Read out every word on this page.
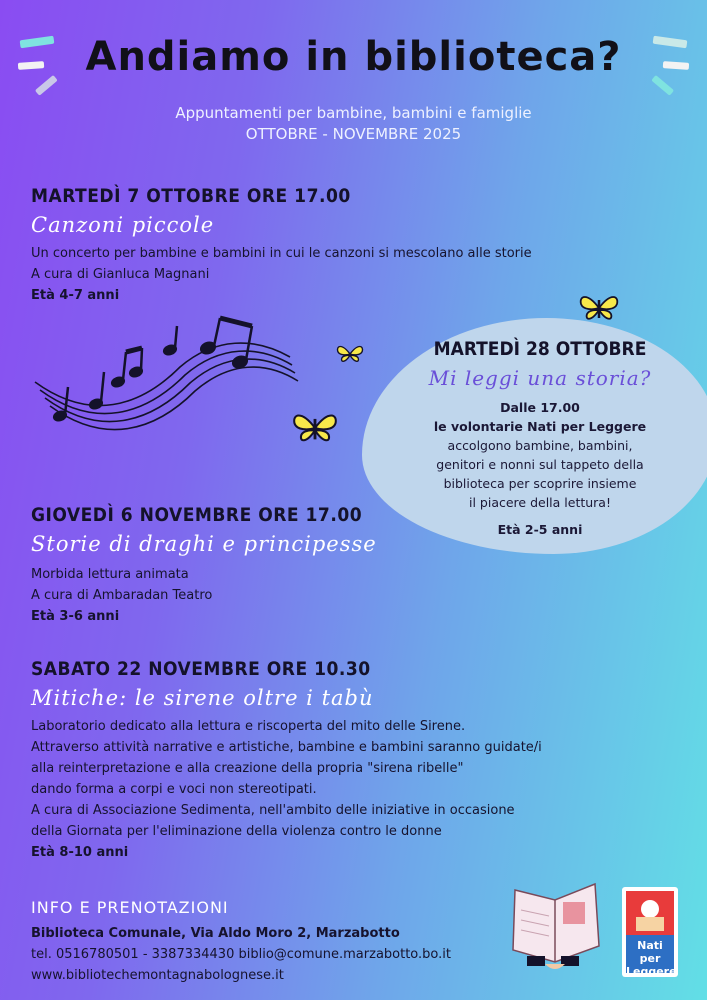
Andiamo in biblioteca?
Appuntamenti per bambine, bambini e famiglie
OTTOBRE - NOVEMBRE 2025
MARTEDÌ 7 OTTOBRE ORE 17.00
Canzoni piccole
Un concerto per bambine e bambini in cui le canzoni si mescolano alle storie
A cura di Gianluca Magnani
Età 4-7 anni
MARTEDÌ 28 OTTOBRE
Mi leggi una storia?
Dalle 17.00
le volontarie Nati per Leggere
accolgono bambine, bambini,
genitori e nonni sul tappeto della
biblioteca per scoprire insieme
il piacere della lettura!
Età 2-5 anni
GIOVEDÌ 6 NOVEMBRE ORE 17.00
Storie di draghi e principesse
Morbida lettura animata
A cura di Ambaradan Teatro
Età 3-6 anni
SABATO 22 NOVEMBRE ORE 10.30
Mitiche: le sirene oltre i tabù
Laboratorio dedicato alla lettura e riscoperta del mito delle Sirene.
Attraverso attività narrative e artistiche, bambine e bambini saranno guidate/i
alla reinterpretazione e alla creazione della propria "sirena ribelle"
dando forma a corpi e voci non stereotipati.
A cura di Associazione Sedimenta, nell'ambito delle iniziative in occasione
della Giornata per l'eliminazione della violenza contro le donne
Età 8-10 anni
INFO E PRENOTAZIONI
Biblioteca Comunale, Via Aldo Moro 2, Marzabotto
tel. 0516780501 - 3387334430 biblio@comune.marzabotto.bo.it
www.bibliotechemontagnabolognese.it
Nati per
Leggere
